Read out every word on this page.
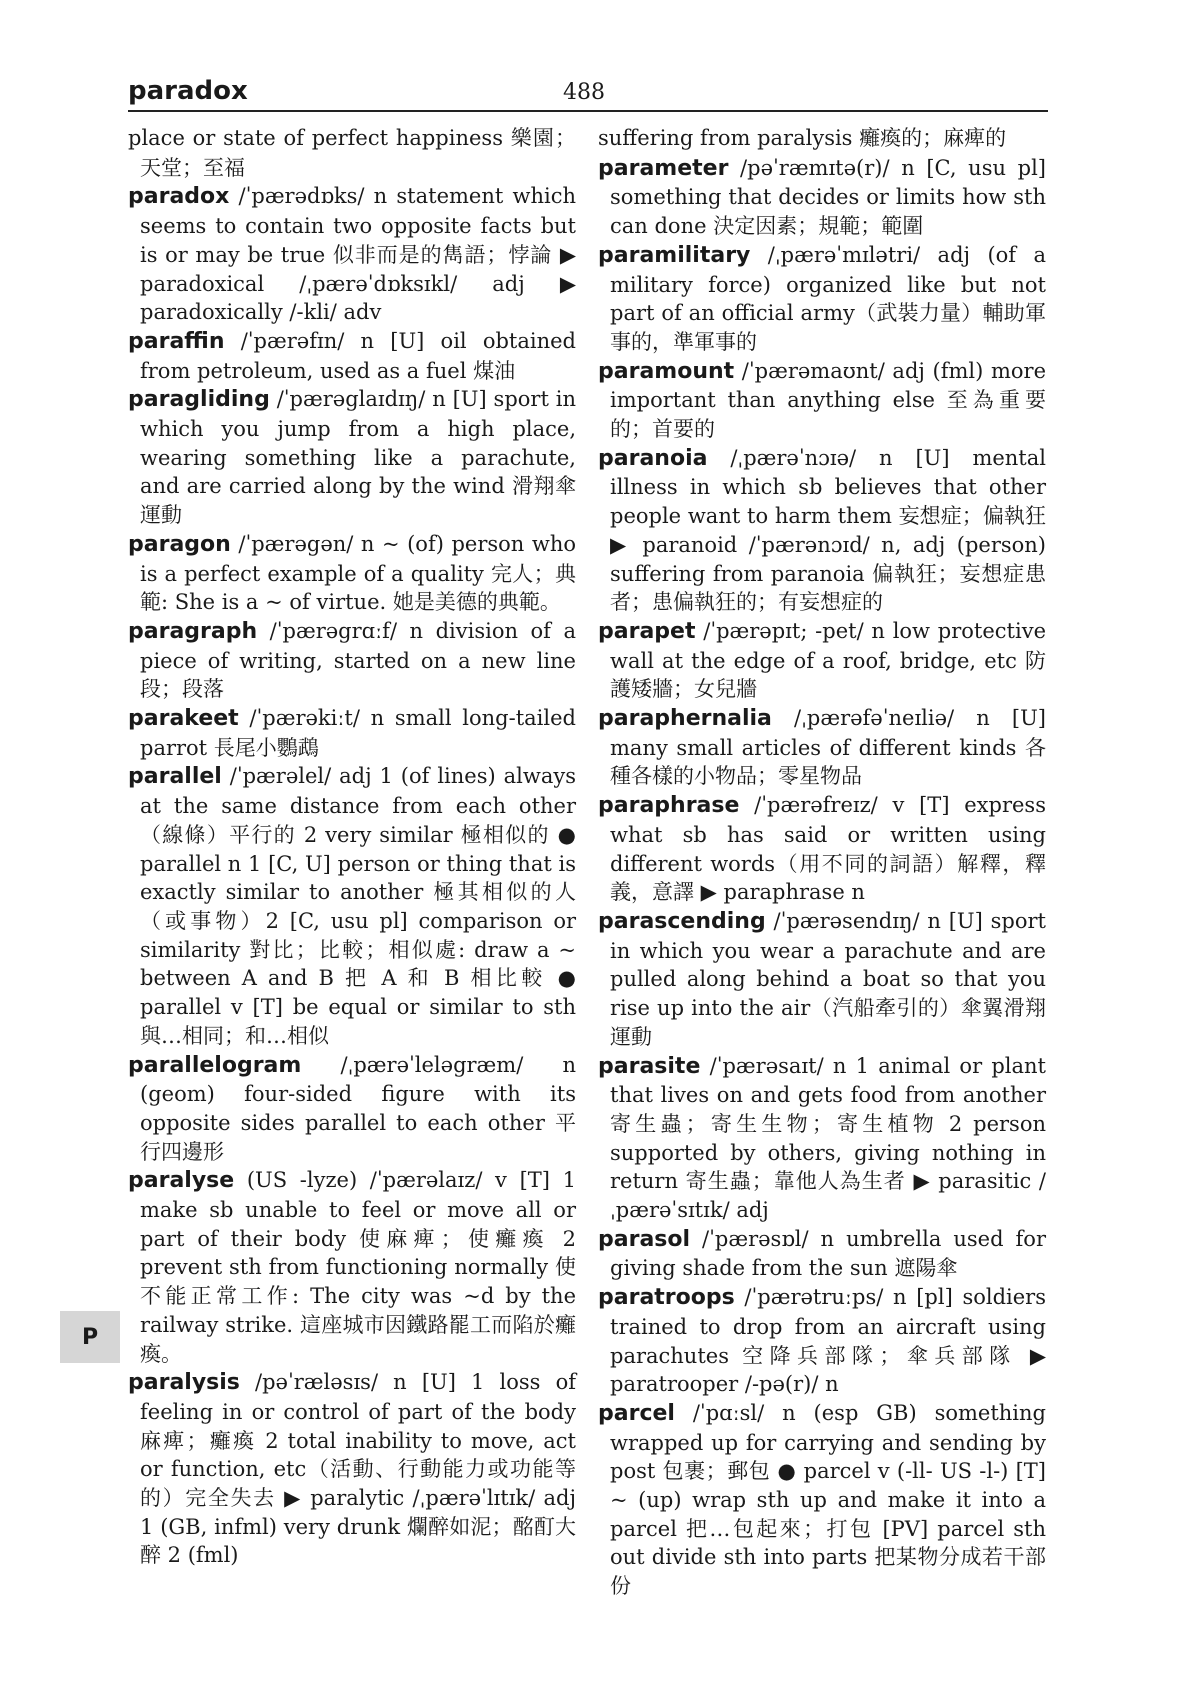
paradox	488

place or state of perfect happiness 樂園；天堂；至福

paradox /ˈpærədɒks/ n statement which seems to contain two opposite facts but is or may be true 似非而是的雋語；悖論 ▶ paradoxical /ˌpærəˈdɒksɪkl/ adj ▶ paradoxically /-kli/ adv

paraffin /ˈpærəfɪn/ n [U] oil obtained from petroleum, used as a fuel 煤油

paragliding /ˈpærəglaɪdɪŋ/ n [U] sport in which you jump from a high place, wearing something like a parachute, and are carried along by the wind 滑翔傘運動

paragon /ˈpærəgən/ n ~ (of) person who is a perfect example of a quality 完人；典範: She is a ~ of virtue. 她是美德的典範。

paragraph /ˈpærəgrɑːf/ n division of a piece of writing, started on a new line 段；段落

parakeet /ˈpærəkiːt/ n small long-tailed parrot 長尾小鸚鵡

parallel /ˈpærəlel/ adj 1 (of lines) always at the same distance from each other（線條）平行的 2 very similar 極相似的 ● parallel n 1 [C, U] person or thing that is exactly similar to another 極其相似的人（或事物）2 [C, usu pl] comparison or similarity 對比；比較；相似處: draw a ~ between A and B 把 A 和 B 相比較 ● parallel v [T] be equal or similar to sth 與…相同；和…相似

parallelogram /ˌpærəˈleləgræm/ n (geom) four-sided figure with its opposite sides parallel to each other 平行四邊形

paralyse (US -lyze) /ˈpærəlaɪz/ v [T] 1 make sb unable to feel or move all or part of their body 使麻痺；使癱瘓 2 prevent sth from functioning normally 使不能正常工作: The city was ~d by the railway strike. 這座城市因鐵路罷工而陷於癱瘓。

paralysis /pəˈræləsɪs/ n [U] 1 loss of feeling in or control of part of the body 麻痺；癱瘓 2 total inability to move, act or function, etc（活動、行動能力或功能等的）完全失去 ▶ paralytic /ˌpærəˈlɪtɪk/ adj 1 (GB, infml) very drunk 爛醉如泥；酩酊大醉 2 (fml)

suffering from paralysis 癱瘓的；麻痺的

parameter /pəˈræmɪtə(r)/ n [C, usu pl] something that decides or limits how sth can done 決定因素；規範；範圍

paramilitary /ˌpærəˈmɪlətri/ adj (of a military force) organized like but not part of an official army（武裝力量）輔助軍事的，準軍事的

paramount /ˈpærəmaʊnt/ adj (fml) more important than anything else 至為重要的；首要的

paranoia /ˌpærəˈnɔɪə/ n [U] mental illness in which sb believes that other people want to harm them 妄想症；偏執狂 ▶ paranoid /ˈpærənɔɪd/ n, adj (person) suffering from paranoia 偏執狂；妄想症患者；患偏執狂的；有妄想症的

parapet /ˈpærəpɪt; -pet/ n low protective wall at the edge of a roof, bridge, etc 防護矮牆；女兒牆

paraphernalia /ˌpærəfəˈneɪliə/ n [U] many small articles of different kinds 各種各樣的小物品；零星物品

paraphrase /ˈpærəfreɪz/ v [T] express what sb has said or written using different words（用不同的詞語）解釋，釋義，意譯 ▶ paraphrase n

parascending /ˈpærəsendɪŋ/ n [U] sport in which you wear a parachute and are pulled along behind a boat so that you rise up into the air（汽船牽引的）傘翼滑翔運動

parasite /ˈpærəsaɪt/ n 1 animal or plant that lives on and gets food from another 寄生蟲；寄生生物；寄生植物 2 person supported by others, giving nothing in return 寄生蟲；靠他人為生者 ▶ parasitic /ˌpærəˈsɪtɪk/ adj

parasol /ˈpærəsɒl/ n umbrella used for giving shade from the sun 遮陽傘

paratroops /ˈpærətruːps/ n [pl] soldiers trained to drop from an aircraft using parachutes 空降兵部隊；傘兵部隊 ▶ paratrooper /-pə(r)/ n

parcel /ˈpɑːsl/ n (esp GB) something wrapped up for carrying and sending by post 包裹；郵包 ● parcel v (-ll- US -l-) [T] ~ (up) wrap sth up and make it into a parcel 把…包起來；打包 [PV] parcel sth out divide sth into parts 把某物分成若干部份

P
